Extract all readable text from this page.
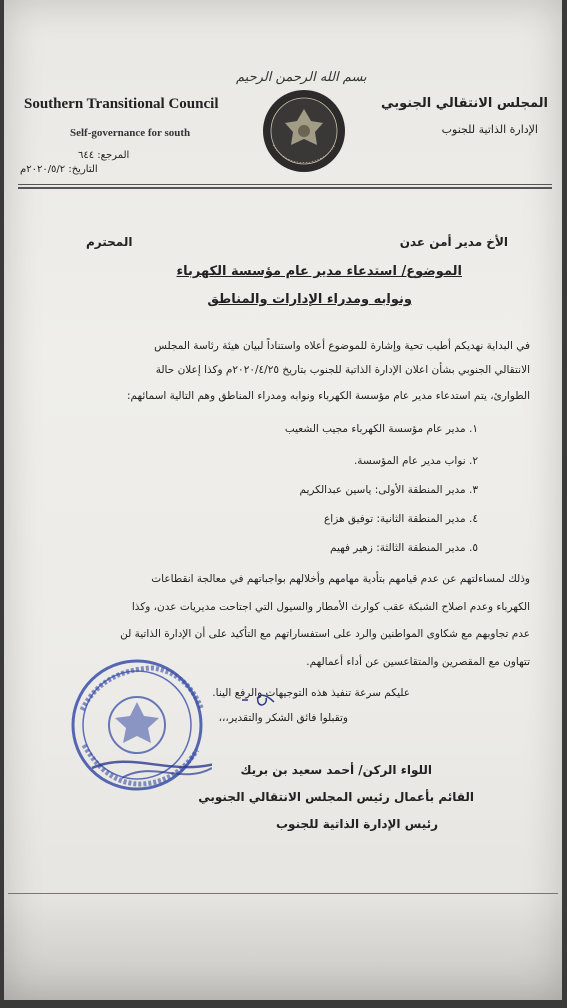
بسم الله الرحمن الرحيم
Southern Transitional Council
Self-governance for south
المجلس الانتقالي الجنوبي
الإدارة الذاتية للجنوب
المرجع: ٦٤٤
التاريخ: ٢٠٢٠/٥/٢م
الأخ مدير أمن عدن
المحترم
الموضوع/ استدعاء مدير عام مؤسسة الكهرباء
ونوابه ومدراء الإدارات والمناطق
في البداية نهديكم أطيب تحية وإشارة للموضوع أعلاه واستناداً لبيان هيئة رئاسة المجلس
الانتقالي الجنوبي بشأن اعلان الإدارة الذاتية للجنوب بتاريخ ٢٠٢٠/٤/٢٥م وكذا إعلان حالة
الطوارئ، يتم استدعاء مدير عام مؤسسة الكهرباء ونوابه ومدراء المناطق وهم التالية اسمائهم:
١. مدير عام مؤسسة الكهرباء مجيب الشعيب
٢. نواب مدير عام المؤسسة.
٣. مدير المنطقة الأولى: ياسين عبدالكريم
٤. مدير المنطقة الثانية: توفيق هزاع
٥. مدير المنطقة الثالثة: زهير فهيم
وذلك لمساءلتهم عن عدم قيامهم بتأدية مهامهم وأخلالهم بواجباتهم في معالجة انقطاعات
الكهرباء وعدم اصلاح الشبكة عقب كوارث الأمطار والسيول التي اجتاحت مديريات عدن، وكذا
عدم تجاوبهم مع شكاوى المواطنين والرد على استفساراتهم مع التأكيد على أن الإدارة الذاتية لن
تتهاون مع المقصرين والمتقاعسين عن أداء أعمالهم.
عليكم سرعة تنفيذ هذه التوجيهات والرفع الينا.
وتقبلوا فائق الشكر والتقدير،،،
اللواء الركن/ أحمد سعيد بن بريك
القائم بأعمال رئيس المجلس الانتقالي الجنوبي
رئيس الإدارة الذاتية للجنوب
